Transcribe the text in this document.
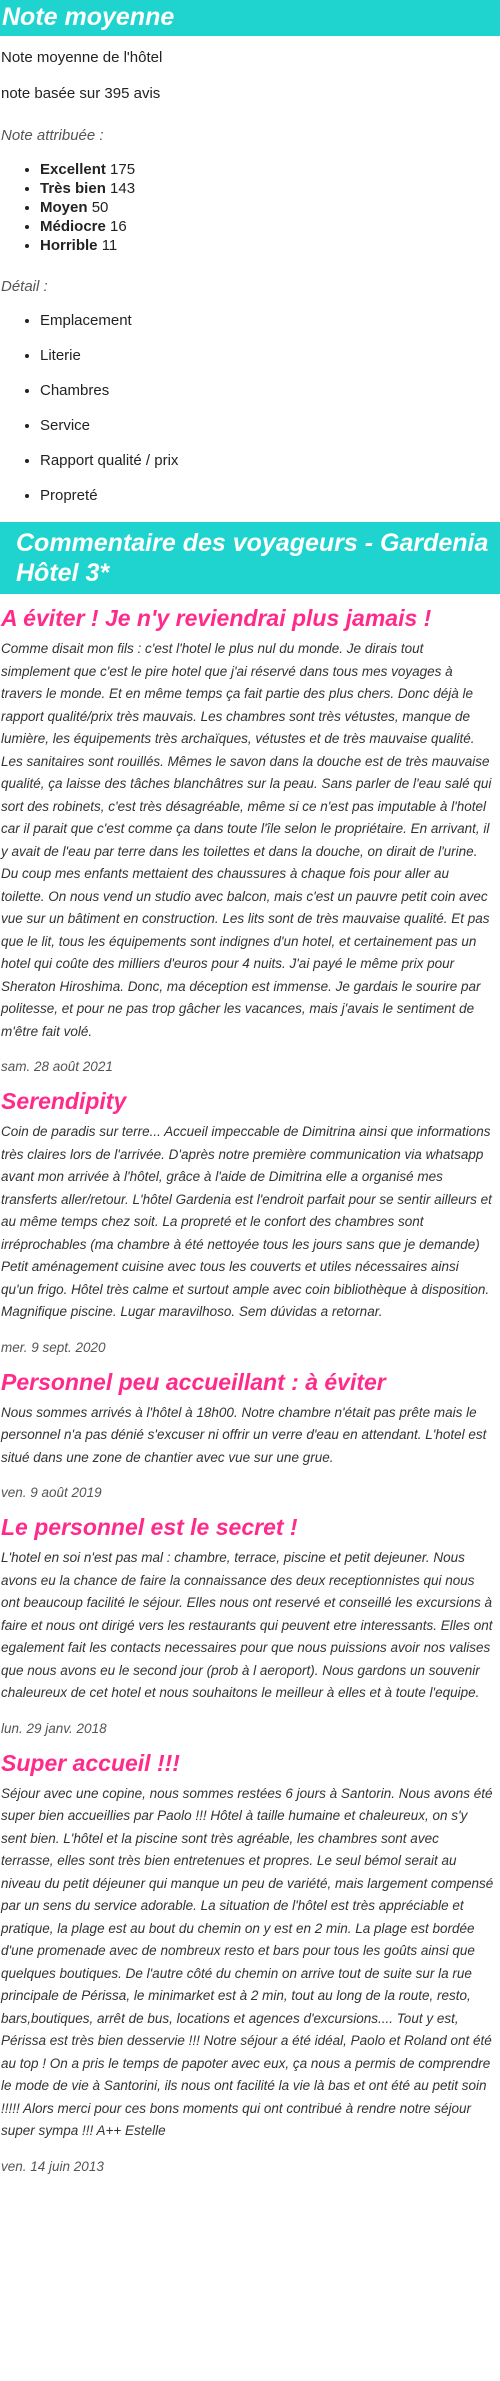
Note moyenne

Note moyenne de l'hôtel

note basée sur 395 avis

Note attribuée :

• Excellent 175
• Très bien 143
• Moyen 50
• Médiocre 16
• Horrible 11

Détail :

• Emplacement
• Literie
• Chambres
• Service
• Rapport qualité / prix
• Propreté
Commentaire des voyageurs - Gardenia Hôtel 3*
A éviter ! Je n'y reviendrai plus jamais !

Comme disait mon fils : c'est l'hotel le plus nul du monde. Je dirais tout simplement que c'est le pire hotel que j'ai réservé dans tous mes voyages à travers le monde. Et en même temps ça fait partie des plus chers. Donc déjà le rapport qualité/prix très mauvais. Les chambres sont très vétustes, manque de lumière, les équipements très archaïques, vétustes et de très mauvaise qualité. Les sanitaires sont rouillés. Mêmes le savon dans la douche est de très mauvaise qualité, ça laisse des tâches blanchâtres sur la peau. Sans parler de l'eau salé qui sort des robinets, c'est très désagréable, même si ce n'est pas imputable à l'hotel car il parait que c'est comme ça dans toute l'île selon le propriétaire. En arrivant, il y avait de l'eau par terre dans les toilettes et dans la douche, on dirait de l'urine. Du coup mes enfants mettaient des chaussures à chaque fois pour aller au toilette. On nous vend un studio avec balcon, mais c'est un pauvre petit coin avec vue sur un bâtiment en construction. Les lits sont de très mauvaise qualité. Et pas que le lit, tous les équipements sont indignes d'un hotel, et certainement pas un hotel qui coûte des milliers d'euros pour 4 nuits. J'ai payé le même prix pour Sheraton Hiroshima. Donc, ma déception est immense. Je gardais le sourire par politesse, et pour ne pas trop gâcher les vacances, mais j'avais le sentiment de m'être fait volé.

sam. 28 août 2021

Serendipity

Coin de paradis sur terre... Accueil impeccable de Dimitrina ainsi que informations très claires lors de l'arrivée. D'après notre première communication via whatsapp avant mon arrivée à l'hôtel, grâce à l'aide de Dimitrina elle a organisé mes transferts aller/retour. L'hôtel Gardenia est l'endroit parfait pour se sentir ailleurs et au même temps chez soit. La propreté et le confort des chambres sont irréprochables (ma chambre à été nettoyée tous les jours sans que je demande) Petit aménagement cuisine avec tous les couverts et utiles nécessaires ainsi qu'un frigo. Hôtel très calme et surtout ample avec coin bibliothèque à disposition. Magnifique piscine. Lugar maravilhoso. Sem dúvidas a retornar.

mer. 9 sept. 2020

Personnel peu accueillant : à éviter

Nous sommes arrivés à l'hôtel à 18h00. Notre chambre n'était pas prête mais le personnel n'a pas dénié s'excuser ni offrir un verre d'eau en attendant. L'hotel est situé dans une zone de chantier avec vue sur une grue.

ven. 9 août 2019

Le personnel est le secret !

L'hotel en soi n'est pas mal : chambre, terrace, piscine et petit dejeuner. Nous avons eu la chance de faire la connaissance des deux receptionnistes qui nous ont beaucoup facilité le séjour. Elles nous ont reservé et conseillé les excursions à faire et nous ont dirigé vers les restaurants qui peuvent etre interessants. Elles ont egalement fait les contacts necessaires pour que nous puissions avoir nos valises que nous avons eu le second jour (prob à l aeroport). Nous gardons un souvenir chaleureux de cet hotel et nous souhaitons le meilleur à elles et à toute l'equipe.

lun. 29 janv. 2018

Super accueil !!!

Séjour avec une copine, nous sommes restées 6 jours à Santorin. Nous avons été super bien accueillies par Paolo !!! Hôtel à taille humaine et chaleureux, on s'y sent bien. L'hôtel et la piscine sont très agréable, les chambres sont avec terrasse, elles sont très bien entretenues et propres. Le seul bémol serait au niveau du petit déjeuner qui manque un peu de variété, mais largement compensé par un sens du service adorable. La situation de l'hôtel est très appréciable et pratique, la plage est au bout du chemin on y est en 2 min. La plage est bordée d'une promenade avec de nombreux resto et bars pour tous les goûts ainsi que quelques boutiques. De l'autre côté du chemin on arrive tout de suite sur la rue principale de Périssa, le minimarket est à 2 min, tout au long de la route, resto, bars,boutiques, arrêt de bus, locations et agences d'excursions.... Tout y est, Périssa est très bien desservie !!! Notre séjour a été idéal, Paolo et Roland ont été au top ! On a pris le temps de papoter avec eux, ça nous a permis de comprendre le mode de vie à Santorini, ils nous ont facilité la vie là bas et ont été au petit soin !!!!! Alors merci pour ces bons moments qui ont contribué à rendre notre séjour super sympa !!! A++ Estelle

ven. 14 juin 2013
